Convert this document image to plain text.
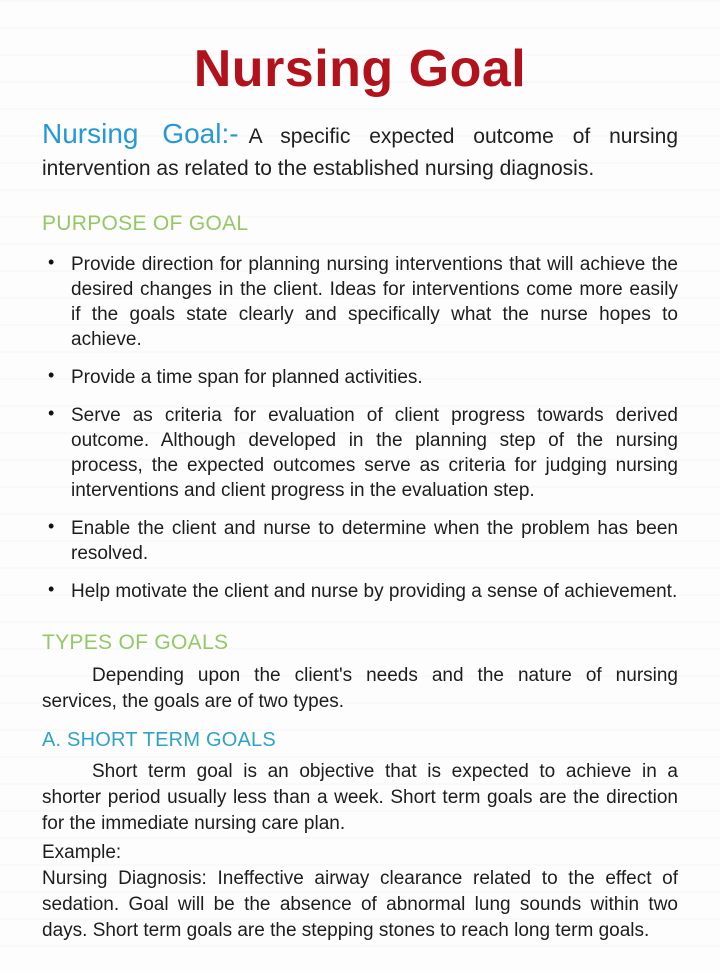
Nursing Goal

Nursing Goal:- A specific expected outcome of nursing intervention as related to the established nursing diagnosis.

PURPOSE OF GOAL
• Provide direction for planning nursing interventions that will achieve the desired changes in the client. Ideas for interventions come more easily if the goals state clearly and specifically what the nurse hopes to achieve.
• Provide a time span for planned activities.
• Serve as criteria for evaluation of client progress towards derived outcome. Although developed in the planning step of the nursing process, the expected outcomes serve as criteria for judging nursing interventions and client progress in the evaluation step.
• Enable the client and nurse to determine when the problem has been resolved.
• Help motivate the client and nurse by providing a sense of achievement.
TYPES OF GOALS

Depending upon the client's needs and the nature of nursing services, the goals are of two types.

A. SHORT TERM GOALS

Short term goal is an objective that is expected to achieve in a shorter period usually less than a week. Short term goals are the direction for the immediate nursing care plan.

Example:

Nursing Diagnosis: Ineffective airway clearance related to the effect of sedation. Goal will be the absence of abnormal lung sounds within two days. Short term goals are the stepping stones to reach long term goals.
